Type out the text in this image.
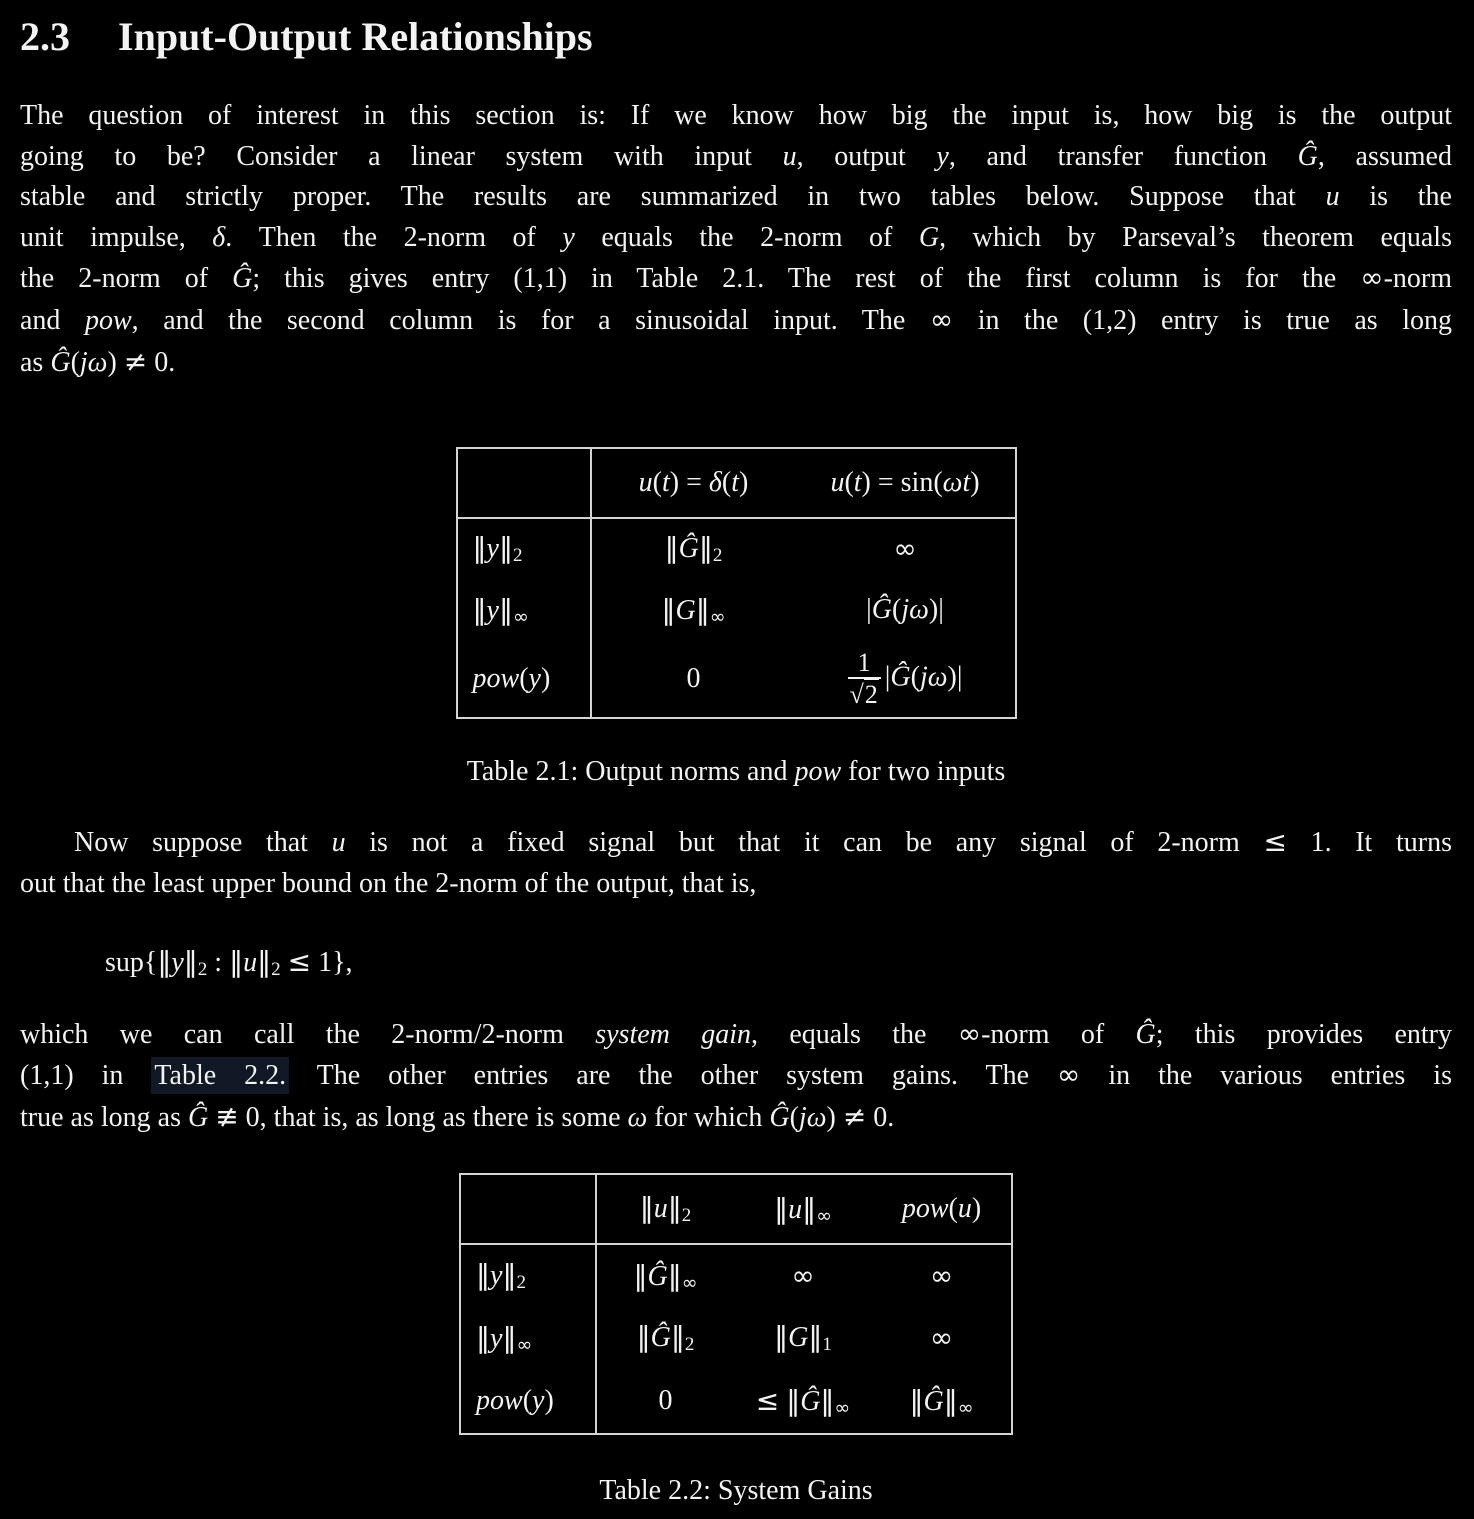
2.3 Input-Output Relationships
The question of interest in this section is: If we know how big the input is, how big is the output
going to be? Consider a linear system with input u, output y, and transfer function Ĝ, assumed
stable and strictly proper. The results are summarized in two tables below. Suppose that u is the
unit impulse, δ. Then the 2-norm of y equals the 2-norm of G, which by Parseval’s theorem equals
the 2-norm of Ĝ; this gives entry (1,1) in Table 2.1. The rest of the first column is for the ∞-norm
and pow, and the second column is for a sinusoidal input. The ∞ in the (1,2) entry is true as long
as Ĝ(jω) ≠ 0.
	u(t) = δ(t)	u(t) = sin(ωt)
‖y‖2	‖Ĝ‖2	∞
‖y‖∞	‖G‖∞	|Ĝ(jω)|
pow(y)	0	$\frac{1}{√2}$ |Ĝ(jω)|
Table 2.1: Output norms and pow for two inputs
Now suppose that u is not a fixed signal but that it can be any signal of 2-norm ≤ 1. It turns
out that the least upper bound on the 2-norm of the output, that is,
sup{‖y‖2 : ‖u‖2 ≤ 1},
which we can call the 2-norm/2-norm system gain, equals the ∞-norm of Ĝ; this provides entry
(1,1) in Table 2.2. The other entries are the other system gains. The ∞ in the various entries is
true as long as Ĝ ≢ 0, that is, as long as there is some ω for which Ĝ(jω) ≠ 0.
	‖u‖2	‖u‖∞	pow(u)
‖y‖2	‖Ĝ‖∞	∞	∞
‖y‖∞	‖Ĝ‖2	‖G‖1	∞
pow(y)	0	≤ ‖Ĝ‖∞	‖Ĝ‖∞
Table 2.2: System Gains
